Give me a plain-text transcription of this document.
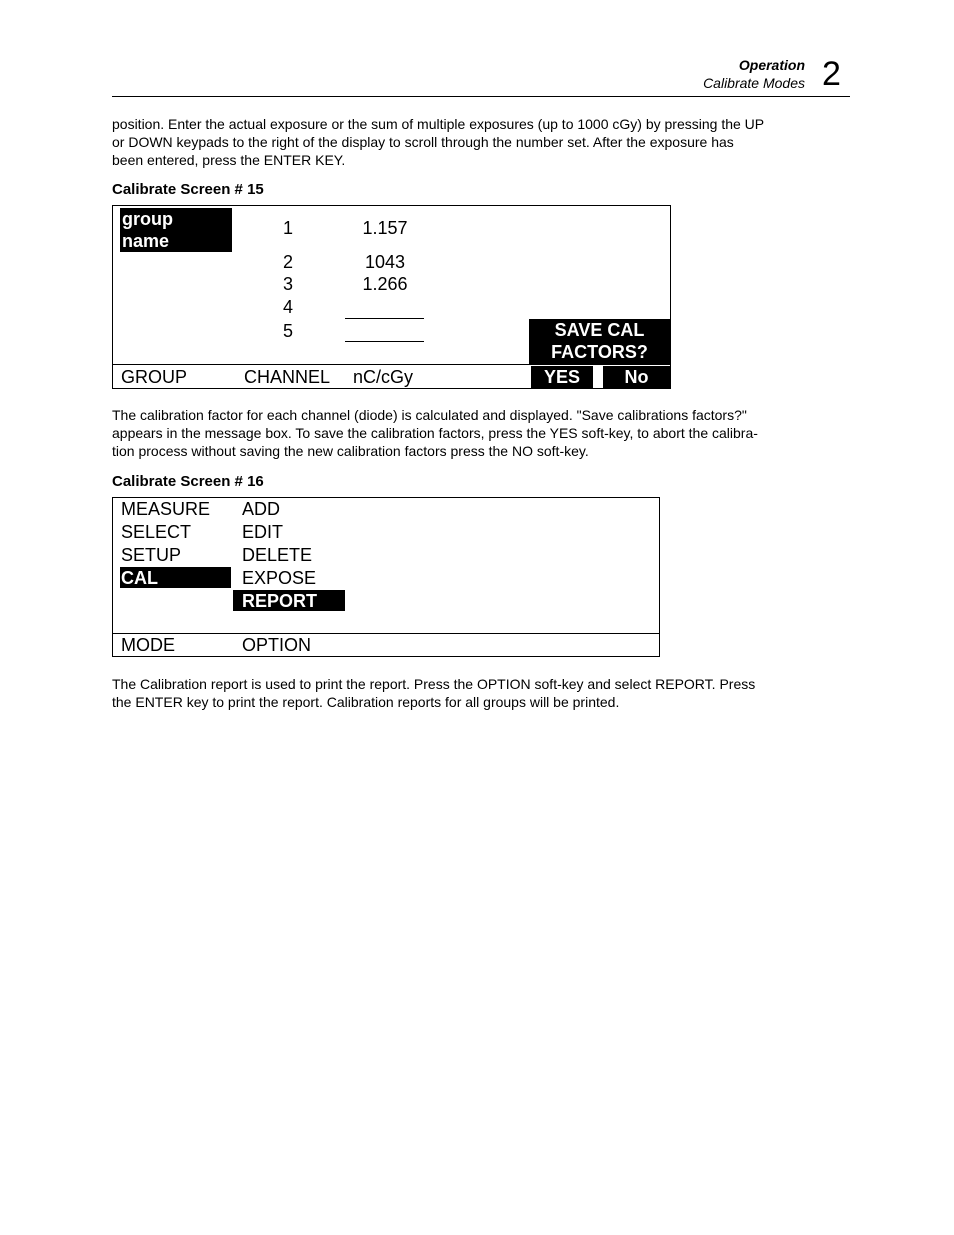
Operation
Calibrate Modes 2
position. Enter the actual exposure or the sum of multiple exposures (up to 1000 cGy) by pressing the UP
or DOWN keypads to the right of the display to scroll through the number set. After the exposure has
been entered, press the ENTER KEY.
Calibrate Screen # 15
group
name
1	1.157
2	1043
3	1.266
4
5	SAVE CAL
FACTORS?
GROUP	CHANNEL nC/cGy	YES	No
The calibration factor for each channel (diode) is calculated and displayed. "Save calibrations factors?"
appears in the message box. To save the calibration factors, press the YES soft-key, to abort the calibra-
tion process without saving the new calibration factors press the NO soft-key.
Calibrate Screen # 16
MEASURE
SELECT
SETUP
CAL
ADD
EDIT
DELETE
EXPOSE
REPORT
MODE	OPTION
The Calibration report is used to print the report. Press the OPTION soft-key and select REPORT. Press
the ENTER key to print the report. Calibration reports for all groups will be printed.
